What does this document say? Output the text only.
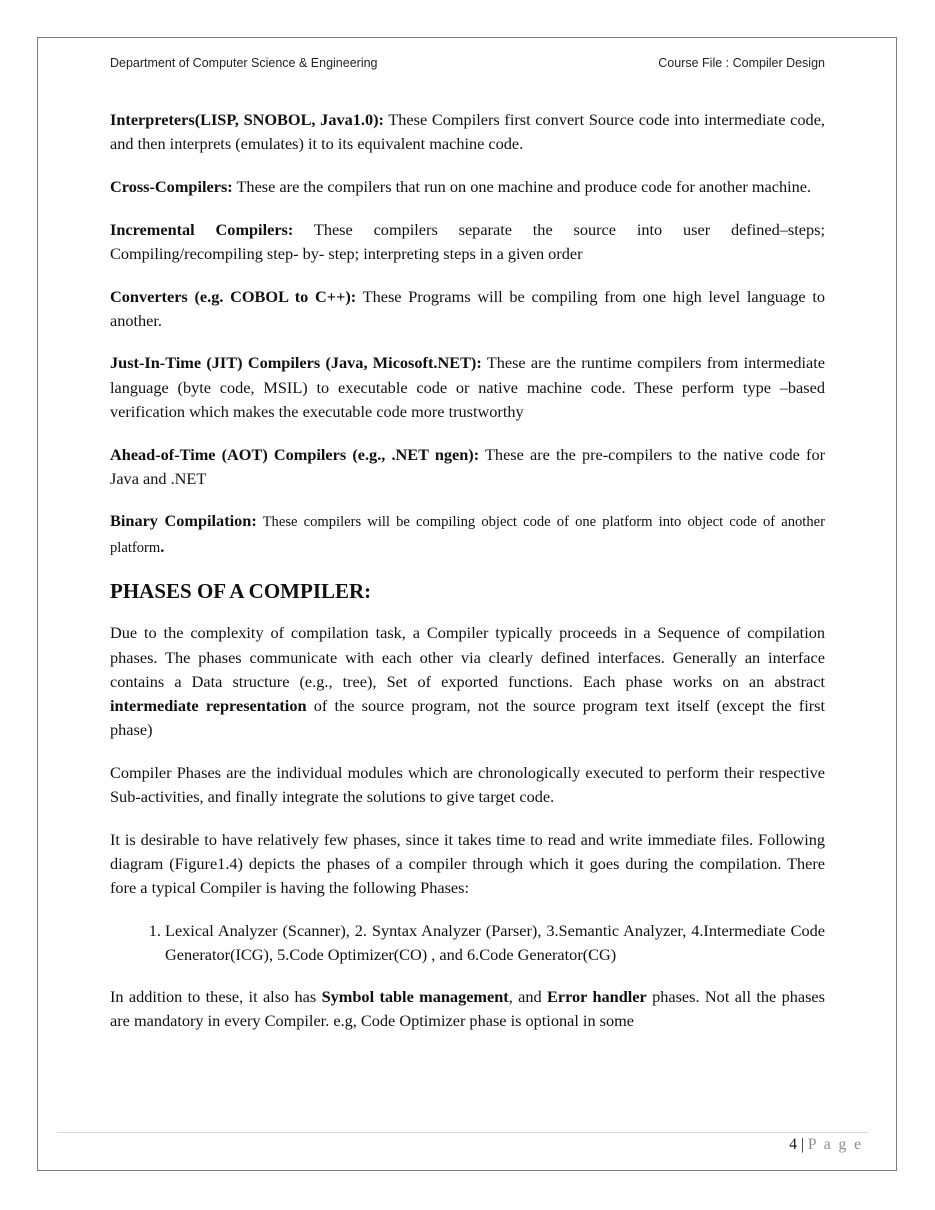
Department of Computer Science & Engineering	Course File : Compiler Design

Interpreters(LISP, SNOBOL, Java1.0): These Compilers first convert Source code into intermediate code, and then interprets (emulates) it to its equivalent machine code.

Cross-Compilers: These are the compilers that run on one machine and produce code for another machine.

Incremental Compilers: These compilers separate the source into user defined–steps; Compiling/recompiling step- by- step; interpreting steps in a given order

Converters (e.g. COBOL to C++): These Programs will be compiling from one high level language to another.

Just-In-Time (JIT) Compilers (Java, Micosoft.NET): These are the runtime compilers from intermediate language (byte code, MSIL) to executable code or native machine code. These perform type –based verification which makes the executable code more trustworthy

Ahead-of-Time (AOT) Compilers (e.g., .NET ngen): These are the pre-compilers to the native code for Java and .NET

Binary Compilation: These compilers will be compiling object code of one platform into object code of another platform.

PHASES OF A COMPILER:

Due to the complexity of compilation task, a Compiler typically proceeds in a Sequence of compilation phases. The phases communicate with each other via clearly defined interfaces. Generally an interface contains a Data structure (e.g., tree), Set of exported functions. Each phase works on an abstract intermediate representation of the source program, not the source program text itself (except the first phase)

Compiler Phases are the individual modules which are chronologically executed to perform their respective Sub-activities, and finally integrate the solutions to give target code.

It is desirable to have relatively few phases, since it takes time to read and write immediate files. Following diagram (Figure1.4) depicts the phases of a compiler through which it goes during the compilation. There fore a typical Compiler is having the following Phases:

1. Lexical Analyzer (Scanner), 2. Syntax Analyzer (Parser), 3.Semantic Analyzer, 4.Intermediate Code Generator(ICG), 5.Code Optimizer(CO) , and 6.Code Generator(CG)

In addition to these, it also has Symbol table management, and Error handler phases. Not all the phases are mandatory in every Compiler. e.g, Code Optimizer phase is optional in some

4 | P a g e
